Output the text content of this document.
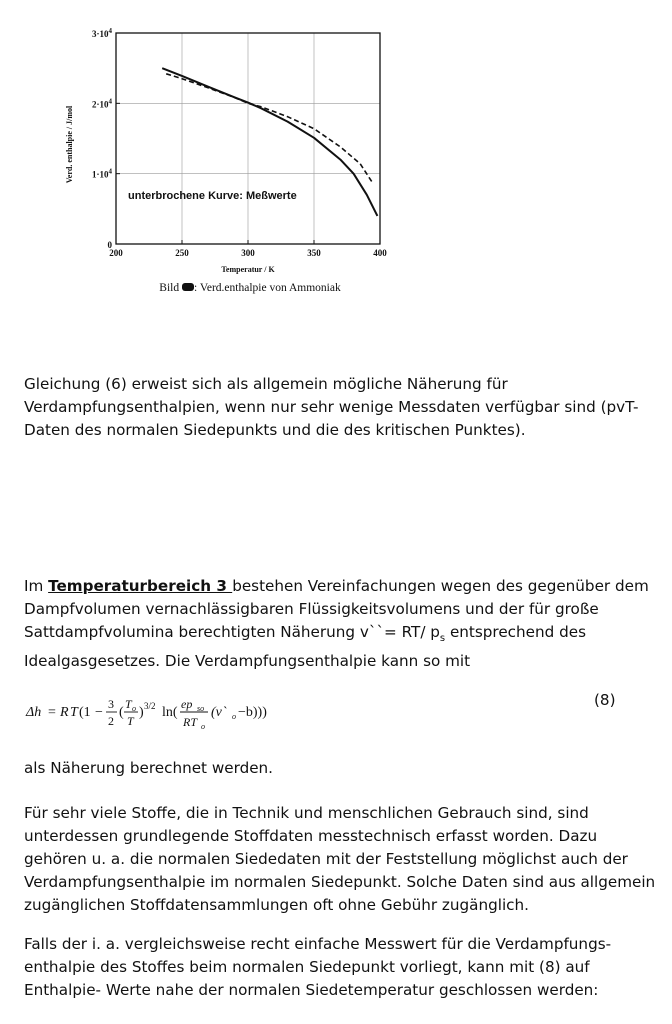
200	250	300	350	400
0
$1\cdot 10^4$
$2\cdot 10^4$
$3\cdot 10^4$
Temperatur / K
Verd. enthalpie / J/mol
unterbrochene Kurve: Meßwerte
Bild : Verd.enthalpie von Ammoniak

Gleichung (6) erweist sich als allgemein mögliche Näherung für Verdampfungsenthalpien, wenn nur sehr wenige Messdaten verfügbar sind (pvT- Daten des normalen Siedepunkts und die des kritischen Punktes).

Im Temperaturbereich 3 bestehen Vereinfachungen wegen des gegenüber dem Dampfvolumen vernachlässigbaren Flüssigkeitsvolumens und der für große Sattdampfvolumina berechtigten Näherung v``= RT/ $p_s$ entsprechend des Idealgasgesetzes. Die Verdampfungsenthalpie kann so mit

Δh = R T (1 −
3
2
(
T o
T
) 3/2 ln(
ep so
RT o
(v` o −b)))
(8)

als Näherung berechnet werden.

Für sehr viele Stoffe, die in Technik und menschlichen Gebrauch sind, sind unterdessen grundlegende Stoffdaten messtechnisch erfasst worden. Dazu gehören u. a. die normalen Siededaten mit der Feststellung möglichst auch der Verdampfungsenthalpie im normalen Siedepunkt. Solche Daten sind aus allgemein zugänglichen Stoffdatensammlungen oft ohne Gebühr zugänglich.

Falls der i. a. vergleichsweise recht einfache Messwert für die Verdampfungs-enthalpie des Stoffes beim normalen Siedepunkt vorliegt, kann mit (8) auf Enthalpie- Werte nahe der normalen Siedetemperatur geschlossen werden:
